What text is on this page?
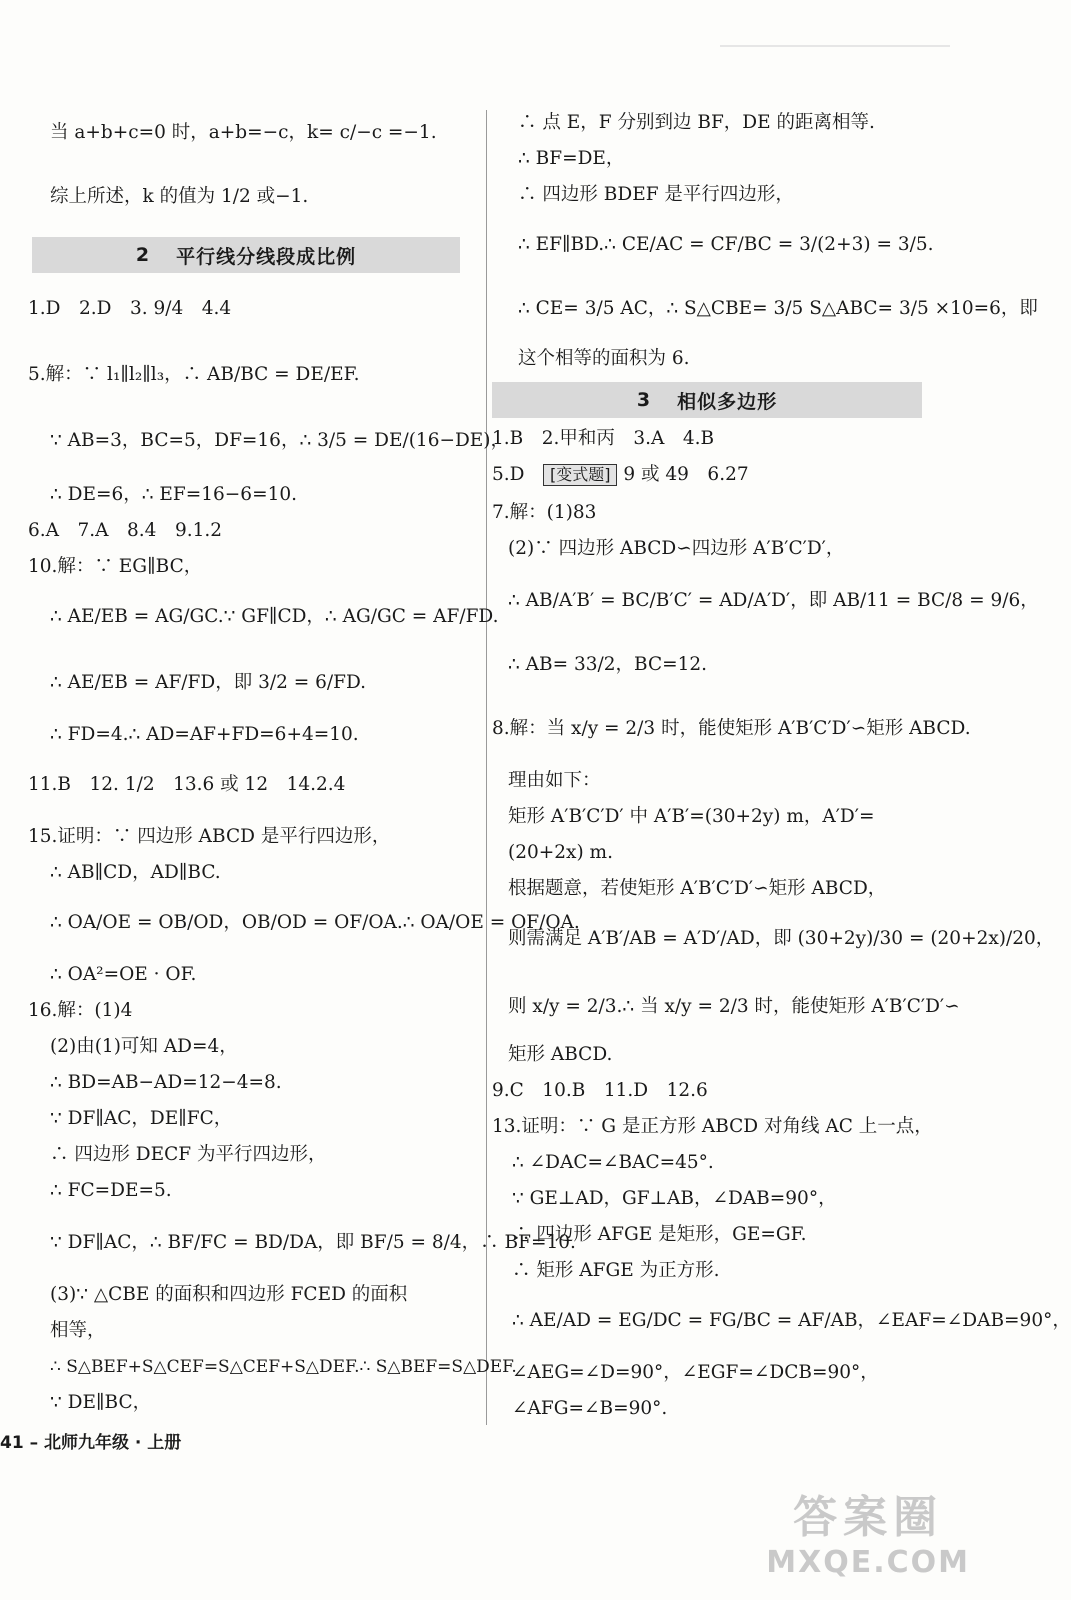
当 a+b+c=0 时，a+b=−c，k= c/−c =−1.
综上所述，k 的值为 1/2 或−1.
2 平行线分线段成比例
1.D　2.D　3. 9/4　4.4
5.解：∵ l₁∥l₂∥l₃，∴ AB/BC = DE/EF.
∵ AB=3，BC=5，DF=16，∴ 3/5 = DE/(16−DE)，
∴ DE=6，∴ EF=16−6=10.
6.A　7.A　8.4　9.1.2
10.解：∵ EG∥BC，
∴ AE/EB = AG/GC.∵ GF∥CD，∴ AG/GC = AF/FD.
∴ AE/EB = AF/FD，即 3/2 = 6/FD.
∴ FD=4.∴ AD=AF+FD=6+4=10.
11.B　12. 1/2　13.6 或 12　14.2.4
15.证明：∵ 四边形 ABCD 是平行四边形，
∴ AB∥CD，AD∥BC.
∴ OA/OE = OB/OD，OB/OD = OF/OA.∴ OA/OE = OF/OA.
∴ OA²=OE · OF.
16.解：(1)4
(2)由(1)可知 AD=4，
∴ BD=AB−AD=12−4=8.
∵ DF∥AC，DE∥FC，
∴ 四边形 DECF 为平行四边形，
∴ FC=DE=5.
∵ DF∥AC，∴ BF/FC = BD/DA，即 BF/5 = 8/4，∴ BF=10.
(3)∵ △CBE 的面积和四边形 FCED 的面积
相等，
∴ S△BEF+S△CEF=S△CEF+S△DEF.∴ S△BEF=S△DEF.
∵ DE∥BC，
∴ 点 E，F 分别到边 BF，DE 的距离相等.
∴ BF=DE，
∴ 四边形 BDEF 是平行四边形，
∴ EF∥BD.∴ CE/AC = CF/BC = 3/(2+3) = 3/5.
∴ CE= 3/5 AC，∴ S△CBE= 3/5 S△ABC= 3/5 ×10=6，即
这个相等的面积为 6.
3 相似多边形
1.B　2.甲和丙　3.A　4.B
5.D　[变式题] 9 或 49　6.27
7.解：(1)83
(2)∵ 四边形 ABCD∽四边形 A′B′C′D′，
∴ AB/A′B′ = BC/B′C′ = AD/A′D′，即 AB/11 = BC/8 = 9/6，
∴ AB= 33/2，BC=12.
8.解：当 x/y = 2/3 时，能使矩形 A′B′C′D′∽矩形 ABCD.
理由如下：
矩形 A′B′C′D′ 中 A′B′=(30+2y) m，A′D′=
(20+2x) m.
根据题意，若使矩形 A′B′C′D′∽矩形 ABCD，
则需满足 A′B′/AB = A′D′/AD，即 (30+2y)/30 = (20+2x)/20，
则 x/y = 2/3.∴ 当 x/y = 2/3 时，能使矩形 A′B′C′D′∽
矩形 ABCD.
9.C　10.B　11.D　12.6
13.证明：∵ G 是正方形 ABCD 对角线 AC 上一点，
∴ ∠DAC=∠BAC=45°.
∵ GE⊥AD，GF⊥AB，∠DAB=90°，
∴ 四边形 AFGE 是矩形，GE=GF.
∴ 矩形 AFGE 为正方形.
∴ AE/AD = EG/DC = FG/BC = AF/AB，∠EAF=∠DAB=90°，
∠AEG=∠D=90°，∠EGF=∠DCB=90°，
∠AFG=∠B=90°.
41 – 北师九年级 · 上册
答案圈
MXQE.COM
